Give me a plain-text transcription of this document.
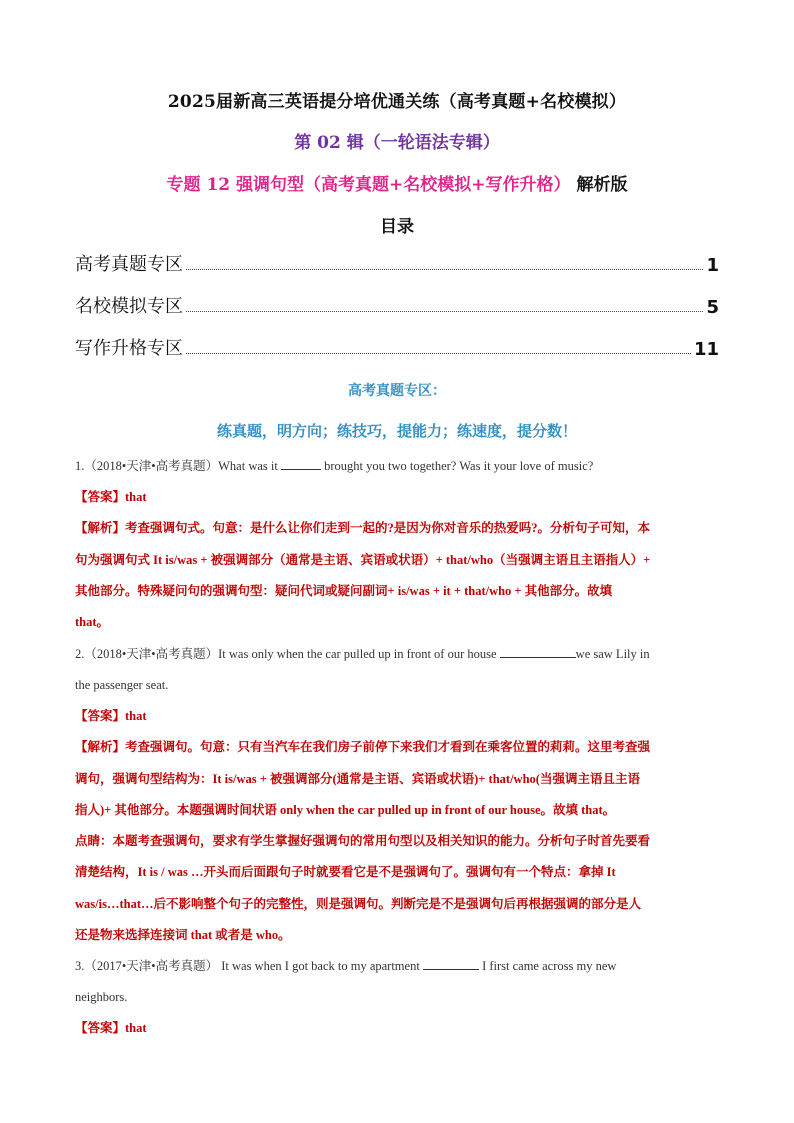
2025届新高三英语提分培优通关练（高考真题+名校模拟）
第 02 辑（一轮语法专辑）
专题 12 强调句型（高考真题+名校模拟+写作升格） 解析版
目录
高考真题专区	1
名校模拟专区	5
写作升格专区	11
高考真题专区：
练真题，明方向；练技巧，提能力；练速度，提分数！
1.（2018•天津•高考真题）What was it	brought you two together? Was it your love of music?
【答案】that
【解析】考查强调句式。句意：是什么让你们走到一起的?是因为你对音乐的热爱吗?。分析句子可知，本
句为强调句式 It is/was + 被强调部分（通常是主语、宾语或状语）+ that/who（当强调主语且主语指人）+
其他部分。特殊疑问句的强调句型：疑问代词或疑问副词+ is/was + it + that/who + 其他部分。故填
that。
2.（2018•天津•高考真题）It was only when the car pulled up in front of our house	we saw Lily in
the passenger seat.
【答案】that
【解析】考查强调句。句意：只有当汽车在我们房子前停下来我们才看到在乘客位置的莉莉。这里考查强
调句，强调句型结构为：It is/was + 被强调部分(通常是主语、宾语或状语)+ that/who(当强调主语且主语
指人)+ 其他部分。本题强调时间状语 only when the car pulled up in front of our house。故填 that。
点睛：本题考查强调句，要求有学生掌握好强调句的常用句型以及相关知识的能力。分析句子时首先要看
清楚结构，It is / was …开头而后面跟句子时就要看它是不是强调句了。强调句有一个特点：拿掉 It
was/is…that…后不影响整个句子的完整性，则是强调句。判断完是不是强调句后再根据强调的部分是人
还是物来选择连接词 that 或者是 who。
3.（2017•天津•高考真题） It was when I got back to my apartment	I first came across my new
neighbors.
【答案】that
